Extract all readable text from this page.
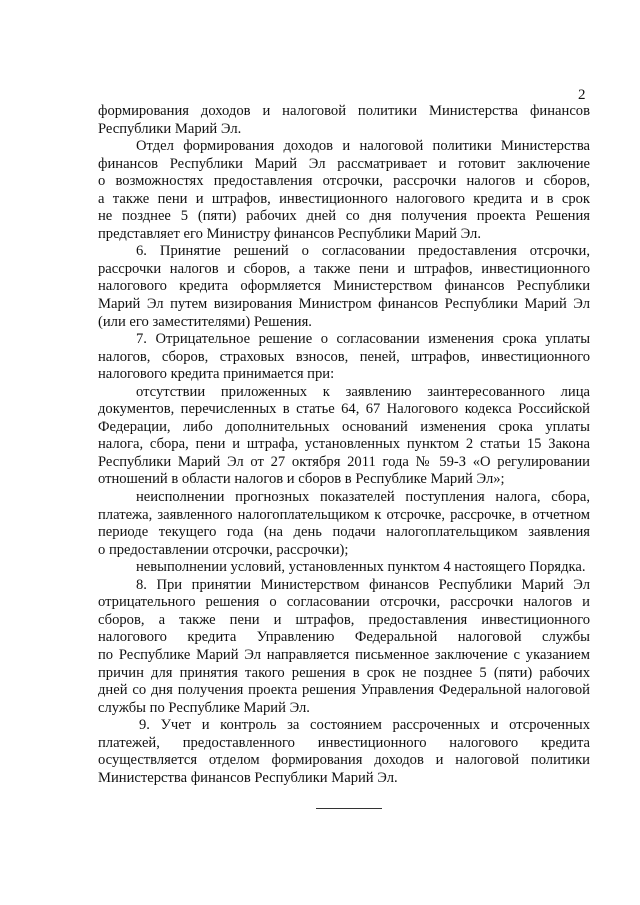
2
формирования доходов и налоговой политики Министерства финансов
Республики Марий Эл.
Отдел формирования доходов и налоговой политики Министерства
финансов Республики Марий Эл рассматривает и готовит заключение
о возможностях предоставления отсрочки, рассрочки налогов и сборов,
а также пени и штрафов, инвестиционного налогового кредита и в срок
не позднее 5 (пяти) рабочих дней со дня получения проекта Решения
представляет его Министру финансов Республики Марий Эл.
6. Принятие решений о согласовании предоставления отсрочки,
рассрочки налогов и сборов, а также пени и штрафов, инвестиционного
налогового кредита оформляется Министерством финансов Республики
Марий Эл путем визирования Министром финансов Республики Марий Эл
(или его заместителями) Решения.
7. Отрицательное решение о согласовании изменения срока уплаты
налогов, сборов, страховых взносов, пеней, штрафов, инвестиционного
налогового кредита принимается при:
отсутствии приложенных к заявлению заинтересованного лица
документов, перечисленных в статье 64, 67 Налогового кодекса Российской
Федерации, либо дополнительных оснований изменения срока уплаты
налога, сбора, пени и штрафа, установленных пунктом 2 статьи 15 Закона
Республики Марий Эл от 27 октября 2011 года № 59-З «О регулировании
отношений в области налогов и сборов в Республике Марий Эл»;
неисполнении прогнозных показателей поступления налога, сбора,
платежа, заявленного налогоплательщиком к отсрочке, рассрочке, в отчетном
периоде текущего года (на день подачи налогоплательщиком заявления
о предоставлении отсрочки, рассрочки);
невыполнении условий, установленных пунктом 4 настоящего Порядка.
8. При принятии Министерством финансов Республики Марий Эл
отрицательного решения о согласовании отсрочки, рассрочки налогов и
сборов, а также пени и штрафов, предоставления инвестиционного
налогового кредита Управлению Федеральной налоговой службы
по Республике Марий Эл направляется письменное заключение с указанием
причин для принятия такого решения в срок не позднее 5 (пяти) рабочих
дней со дня получения проекта решения Управления Федеральной налоговой
службы по Республике Марий Эл.
9. Учет и контроль за состоянием рассроченных и отсроченных
платежей, предоставленного инвестиционного налогового кредита
осуществляется отделом формирования доходов и налоговой политики
Министерства финансов Республики Марий Эл.
